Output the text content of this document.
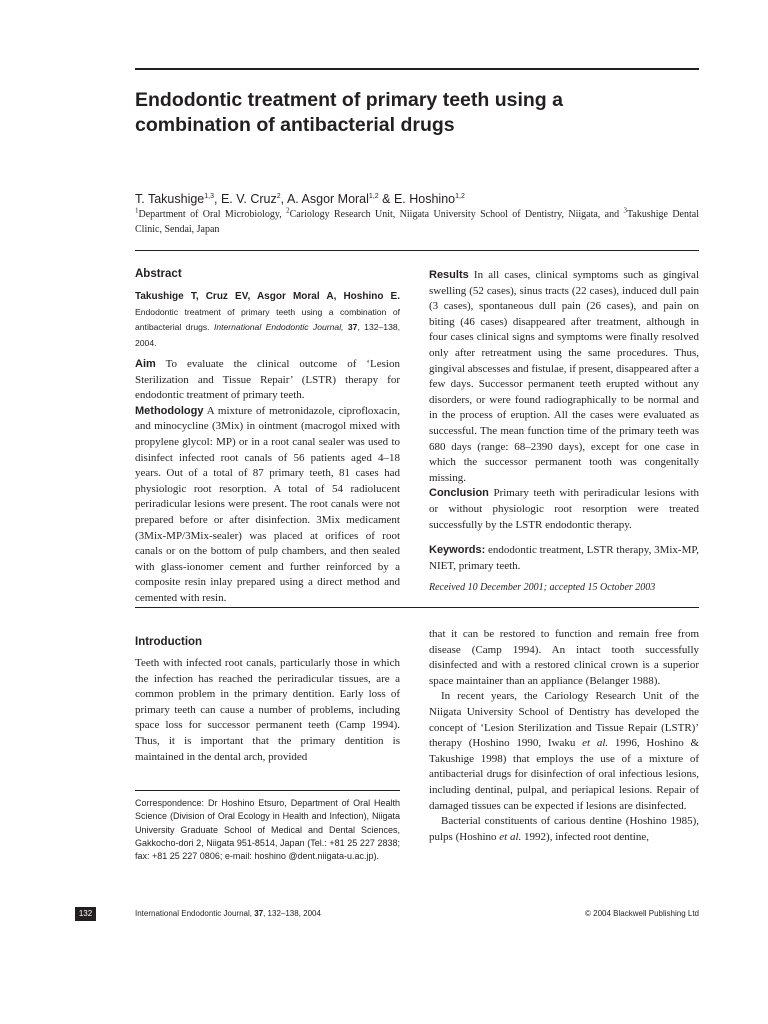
Endodontic treatment of primary teeth using a
combination of antibacterial drugs
T. Takushige$^{1,3}$, E. V. Cruz$^2$, A. Asgor Moral$^{1,2}$ & E. Hoshino$^{1,2}$
$^1$Department of Oral Microbiology, $^2$Cariology Research Unit, Niigata University School of Dentistry, Niigata, and $^3$Takushige Dental Clinic, Sendai, Japan

Abstract

Takushige T, Cruz EV, Asgor Moral A, Hoshino E. Endodontic treatment of primary teeth using a combination of antibacterial drugs. International Endodontic Journal, 37, 132–138, 2004.

Aim To evaluate the clinical outcome of ‘Lesion Sterilization and Tissue Repair’ (LSTR) therapy for endodontic treatment of primary teeth.

Methodology A mixture of metronidazole, ciprofloxacin, and minocycline (3Mix) in ointment (macrogol mixed with propylene glycol: MP) or in a root canal sealer was used to disinfect infected root canals of 56 patients aged 4–18 years. Out of a total of 87 primary teeth, 81 cases had physiologic root resorption. A total of 54 radiolucent periradicular lesions were present. The root canals were not prepared before or after disinfection. 3Mix medicament (3Mix-MP/3Mix-sealer) was placed at orifices of root canals or on the bottom of pulp chambers, and then sealed with glass-ionomer cement and further reinforced by a composite resin inlay prepared using a direct method and cemented with resin.

Results In all cases, clinical symptoms such as gingival swelling (52 cases), sinus tracts (22 cases), induced dull pain (3 cases), spontaneous dull pain (26 cases), and pain on biting (46 cases) disappeared after treatment, although in four cases clinical signs and symptoms were finally resolved only after retreatment using the same procedures. Thus, gingival abscesses and fistulae, if present, disappeared after a few days. Successor permanent teeth erupted without any disorders, or were found radiographically to be normal and in the process of eruption. All the cases were evaluated as successful. The mean function time of the primary teeth was 680 days (range: 68–2390 days), except for one case in which the successor permanent tooth was congenitally missing.

Conclusion Primary teeth with periradicular lesions with or without physiologic root resorption were treated successfully by the LSTR endodontic therapy.

Keywords: endodontic treatment, LSTR therapy, 3Mix-MP, NIET, primary teeth.

Received 10 December 2001; accepted 15 October 2003

Introduction

Teeth with infected root canals, particularly those in which the infection has reached the periradicular tissues, are a common problem in the primary dentition. Early loss of primary teeth can cause a number of problems, including space loss for successor permanent teeth (Camp 1994). Thus, it is important that the primary dentition is maintained in the dental arch, provided

Correspondence: Dr Hoshino Etsuro, Department of Oral Health Science (Division of Oral Ecology in Health and Infection), Niigata University Graduate School of Medical and Dental Sciences, Gakkocho-dori 2, Niigata 951-8514, Japan (Tel.: +81 25 227 2838; fax: +81 25 227 0806; e-mail: hoshino @dent.niigata-u.ac.jp).

that it can be restored to function and remain free from disease (Camp 1994). An intact tooth successfully disinfected and with a restored clinical crown is a superior space maintainer than an appliance (Belanger 1988).

In recent years, the Cariology Research Unit of the Niigata University School of Dentistry has developed the concept of ‘Lesion Sterilization and Tissue Repair (LSTR)’ therapy (Hoshino 1990, Iwaku et al. 1996, Hoshino & Takushige 1998) that employs the use of a mixture of antibacterial drugs for disinfection of oral infectious lesions, including dentinal, pulpal, and periapical lesions. Repair of damaged tissues can be expected if lesions are disinfected.

Bacterial constituents of carious dentine (Hoshino 1985), pulps (Hoshino et al. 1992), infected root dentine,

132	International Endodontic Journal, 37, 132–138, 2004	© 2004 Blackwell Publishing Ltd
